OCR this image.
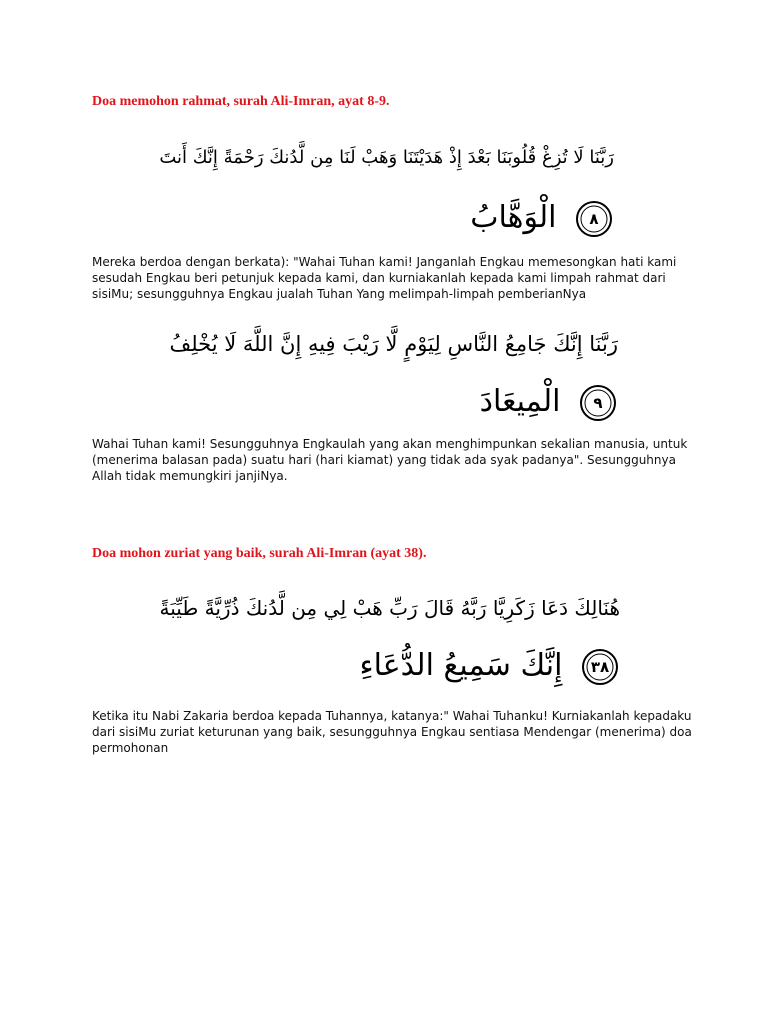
Doa memohon rahmat, surah Ali-Imran, ayat 8-9.
رَبَّنَا لَا تُزِغْ قُلُوبَنَا بَعْدَ إِذْ هَدَيْتَنَا وَهَبْ لَنَا مِن لَّدُنكَ رَحْمَةً إِنَّكَ أَنتَ
٨
الْوَهَّابُ
Mereka berdoa dengan berkata): "Wahai Tuhan kami! Janganlah Engkau memesongkan hati kami sesudah Engkau beri petunjuk kepada kami, dan kurniakanlah kepada kami limpah rahmat dari sisiMu; sesungguhnya Engkau jualah Tuhan Yang melimpah-limpah pemberianNya
رَبَّنَا إِنَّكَ جَامِعُ النَّاسِ لِيَوْمٍ لَّا رَيْبَ فِيهِ إِنَّ اللَّهَ لَا يُخْلِفُ
٩
الْمِيعَادَ
Wahai Tuhan kami! Sesungguhnya Engkaulah yang akan menghimpunkan sekalian manusia, untuk (menerima balasan pada) suatu hari (hari kiamat) yang tidak ada syak padanya". Sesungguhnya Allah tidak memungkiri janjiNya.
Doa mohon zuriat yang baik, surah Ali-Imran (ayat 38).
هُنَالِكَ دَعَا زَكَرِيَّا رَبَّهُ قَالَ رَبِّ هَبْ لِي مِن لَّدُنكَ ذُرِّيَّةً طَيِّبَةً
٣٨
إِنَّكَ سَمِيعُ الدُّعَاءِ
Ketika itu Nabi Zakaria berdoa kepada Tuhannya, katanya:" Wahai Tuhanku! Kurniakanlah kepadaku dari sisiMu zuriat keturunan yang baik, sesungguhnya Engkau sentiasa Mendengar (menerima) doa permohonan
